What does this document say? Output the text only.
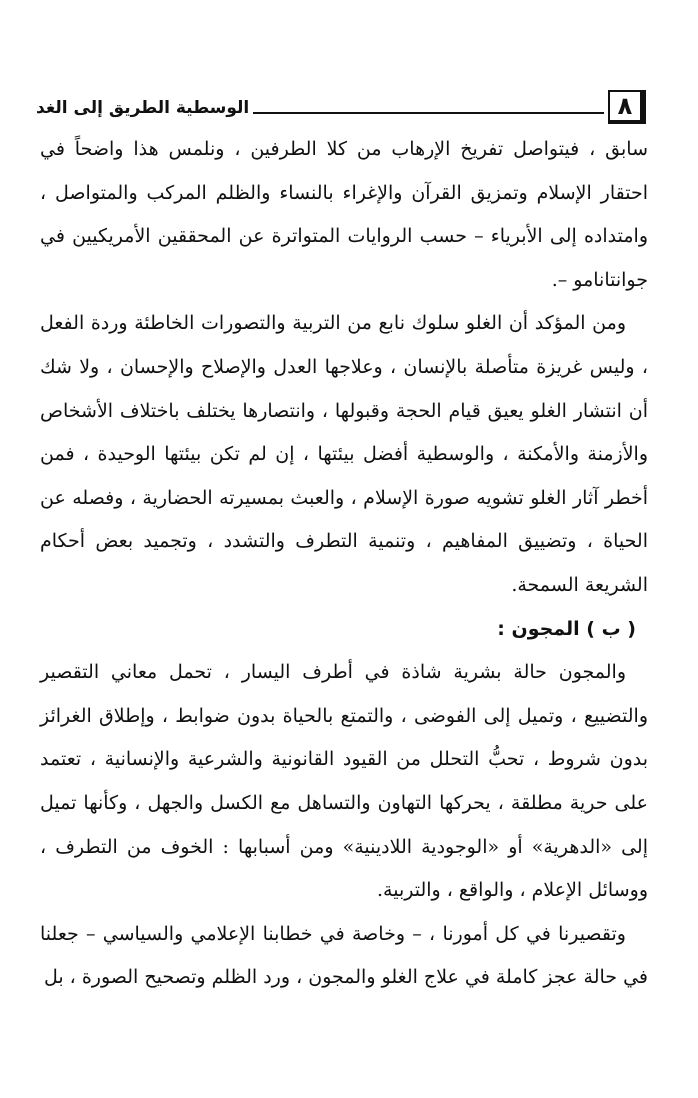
الوسطية الطريق إلى الغد	٨

سابق ، فيتواصل تفريخ الإرهاب من كلا الطرفين ، ونلمس هذا واضحاً في احتقار الإسلام وتمزيق القرآن والإغراء بالنساء والظلم المركب والمتواصل ، وامتداده إلى الأبرياء – حسب الروايات المتواترة عن المحققين الأمريكيين في جوانتانامو –.

ومن المؤكد أن الغلو سلوك نابع من التربية والتصورات الخاطئة وردة الفعل ، وليس غريزة متأصلة بالإنسان ، وعلاجها العدل والإصلاح والإحسان ، ولا شك أن انتشار الغلو يعيق قيام الحجة وقبولها ، وانتصارها يختلف باختلاف الأشخاص والأزمنة والأمكنة ، والوسطية أفضل بيئتها ، إن لم تكن بيئتها الوحيدة ، فمن أخطر آثار الغلو تشويه صورة الإسلام ، والعبث بمسيرته الحضارية ، وفصله عن الحياة ، وتضييق المفاهيم ، وتنمية التطرف والتشدد ، وتجميد بعض أحكام الشريعة السمحة.

( ب ) المجون :

والمجون حالة بشرية شاذة في أطرف اليسار ، تحمل معاني التقصير والتضييع ، وتميل إلى الفوضى ، والتمتع بالحياة بدون ضوابط ، وإطلاق الغرائز بدون شروط ، تحبُّ التحلل من القيود القانونية والشرعية والإنسانية ، تعتمد على حرية مطلقة ، يحركها التهاون والتساهل مع الكسل والجهل ، وكأنها تميل إلى «الدهرية» أو «الوجودية اللادينية» ومن أسبابها : الخوف من التطرف ، ووسائل الإعلام ، والواقع ، والتربية.

وتقصيرنا في كل أمورنا ، – وخاصة في خطابنا الإعلامي والسياسي – جعلنا في حالة عجز كاملة في علاج الغلو والمجون ، ورد الظلم وتصحيح الصورة ، بل
